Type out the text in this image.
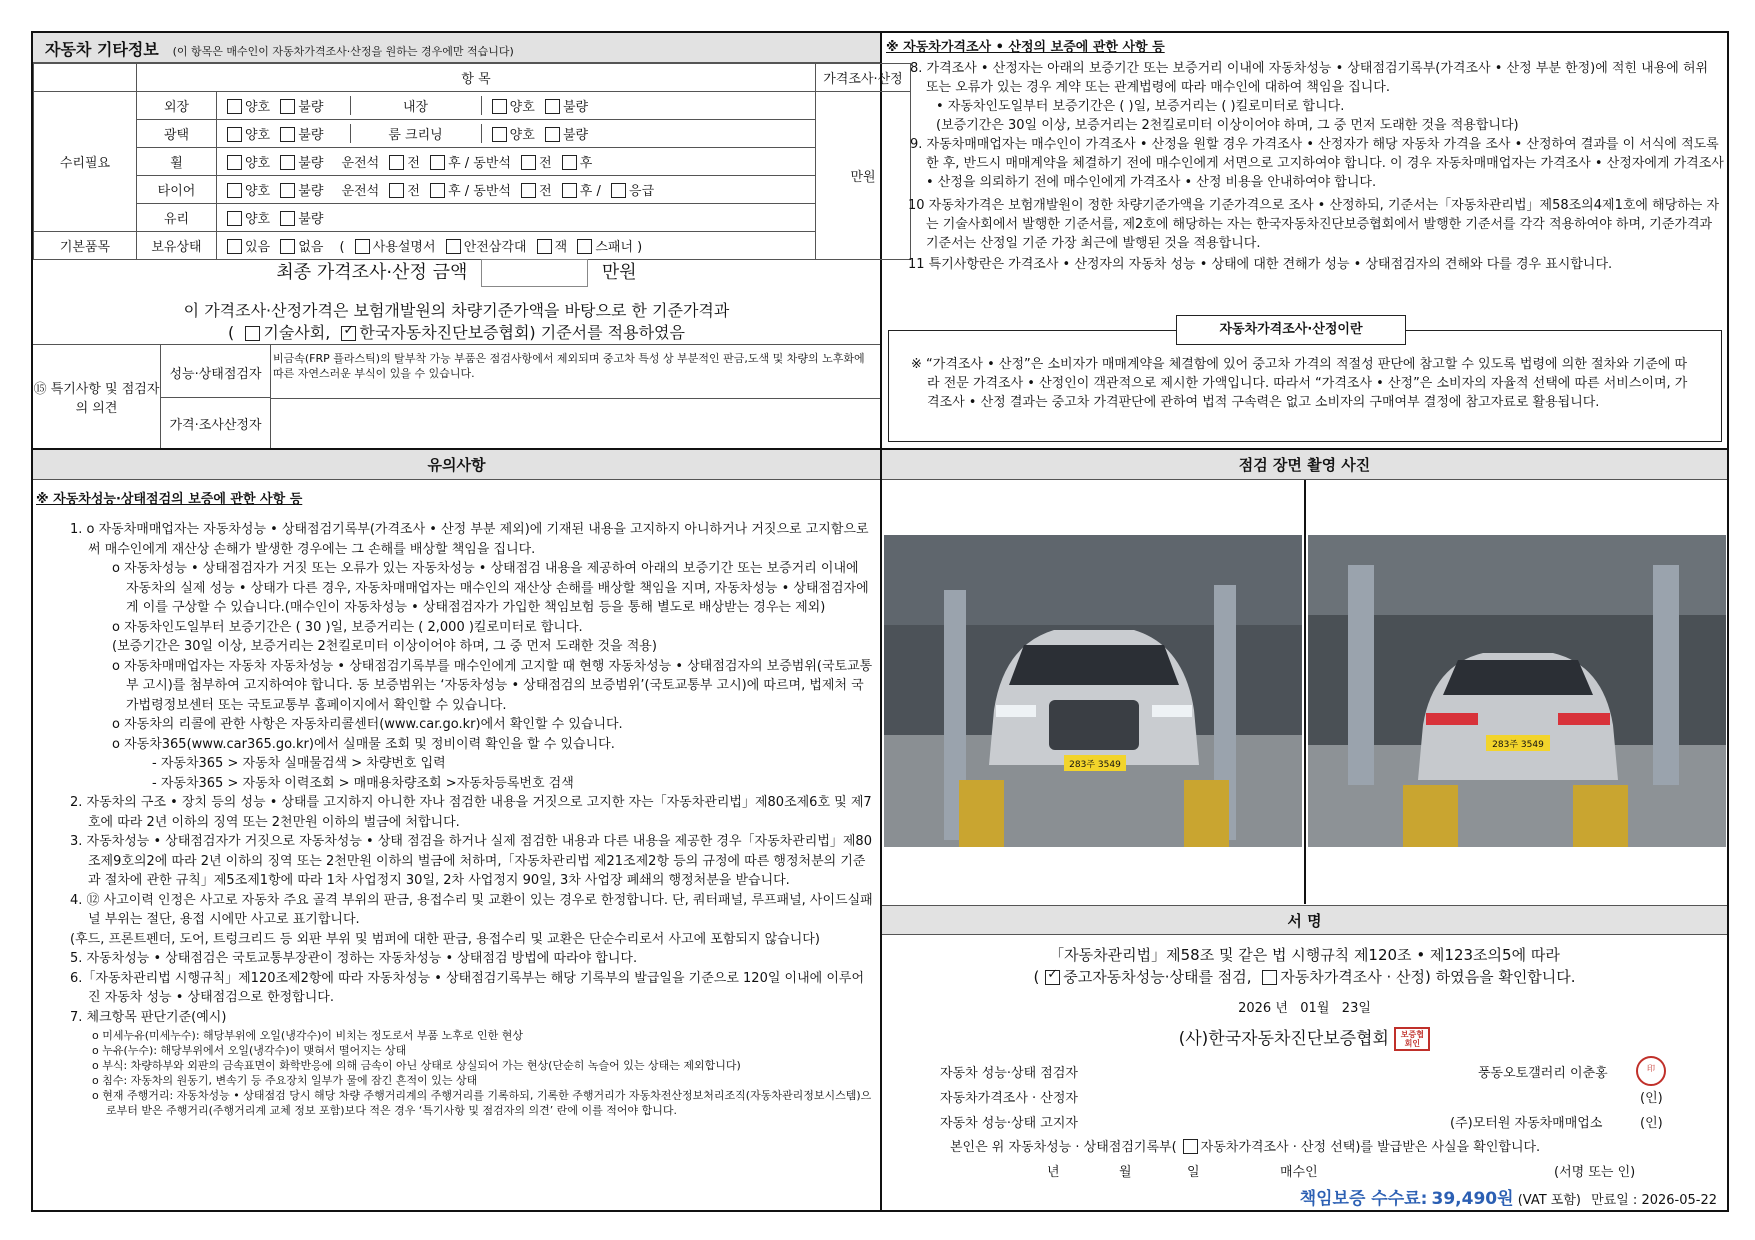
자동차 기타정보 (이 항목은 매수인이 자동차가격조사·산정을 원하는 경우에만 적습니다)
	항 목		가격조사·산정
수리필요	외장	양호 불량 내장 양호 불량	만원
	광택	양호 불량 룸 크리닝 양호 불량	
	휠	양호 불량 운전석 전 후 / 동반석 전 후	
	타이어	양호 불량 운전석 전 후 / 동반석 전 후 / 응급	
	유리	양호 불량	
기본품목	보유상태	있음 없음 ( 사용설명서 안전삼각대 잭 스패너 )	
최종 가격조사·산정 금액	만원
이 가격조사·산정가격은 보험개발원의 차량기준가액을 바탕으로 한 기준가격과
( 기술사회, ✓ 한국자동차진단보증협회) 기준서를 적용하였음
⑮ 특기사항 및 점검자의 의견
성능·상태점검자
비금속(FRP 플라스틱)의 탈부착 가능 부품은 점검사항에서 제외되며 중고차 특성 상 부분적인 판금,도색 및 차량의 노후화에 따른 자연스러운 부식이 있을 수 있습니다.
가격·조사산정자
※ 자동차가격조사 • 산정의 보증에 관한 사항 등
8. 가격조사 • 산정자는 아래의 보증기간 또는 보증거리 이내에 자동차성능 • 상태점검기록부(가격조사 • 산정 부분 한정)에 적힌 내용에 허위 또는 오류가 있는 경우 계약 또는 관계법령에 따라 매수인에 대하여 책임을 집니다.
• 자동차인도일부터 보증기간은 ( )일, 보증거리는 ( )킬로미터로 합니다.
(보증기간은 30일 이상, 보증거리는 2천킬로미터 이상이어야 하며, 그 중 먼저 도래한 것을 적용합니다)
9. 자동차매매업자는 매수인이 가격조사 • 산정을 원할 경우 가격조사 • 산정자가 해당 자동차 가격을 조사 • 산정하여 결과를 이 서식에 적도록 한 후, 반드시 매매계약을 체결하기 전에 매수인에게 서면으로 고지하여야 합니다. 이 경우 자동차매매업자는 가격조사 • 산정자에게 가격조사 • 산정을 의뢰하기 전에 매수인에게 가격조사 • 산정 비용을 안내하여야 합니다.
10 자동차가격은 보험개발원이 정한 차량기준가액을 기준가격으로 조사 • 산정하되, 기준서는「자동차관리법」제58조의4제1호에 해당하는 자는 기술사회에서 발행한 기준서를, 제2호에 해당하는 자는 한국자동차진단보증협회에서 발행한 기준서를 각각 적용하여야 하며, 기준가격과 기준서는 산정일 기준 가장 최근에 발행된 것을 적용합니다.
11 특기사항란은 가격조사 • 산정자의 자동차 성능 • 상태에 대한 견해가 성능 • 상태점검자의 견해와 다를 경우 표시합니다.
자동차가격조사·산정이란
※ “가격조사 • 산정”은 소비자가 매매계약을 체결함에 있어 중고차 가격의 적절성 판단에 참고할 수 있도록 법령에 의한 절차와 기준에 따라 전문 가격조사 • 산정인이 객관적으로 제시한 가액입니다. 따라서 “가격조사 • 산정”은 소비자의 자율적 선택에 따른 서비스이며, 가격조사 • 산정 결과는 중고차 가격판단에 관하여 법적 구속력은 없고 소비자의 구매여부 결정에 참고자료로 활용됩니다.
유의사항
※ 자동차성능·상태점검의 보증에 관한 사항 등
1. o 자동차매매업자는 자동차성능 • 상태점검기록부(가격조사 • 산정 부분 제외)에 기재된 내용을 고지하지 아니하거나 거짓으로 고지함으로써 매수인에게 재산상 손해가 발생한 경우에는 그 손해를 배상할 책임을 집니다.
o 자동차성능 • 상태점검자가 거짓 또는 오류가 있는 자동차성능 • 상태점검 내용을 제공하여 아래의 보증기간 또는 보증거리 이내에 자동차의 실제 성능 • 상태가 다른 경우, 자동차매매업자는 매수인의 재산상 손해를 배상할 책임을 지며, 자동차성능 • 상태점검자에게 이를 구상할 수 있습니다.(매수인이 자동차성능 • 상태점검자가 가입한 책임보험 등을 통해 별도로 배상받는 경우는 제외)
o 자동차인도일부터 보증기간은 ( 30 )일, 보증거리는 ( 2,000 )킬로미터로 합니다.
(보증기간은 30일 이상, 보증거리는 2천킬로미터 이상이어야 하며, 그 중 먼저 도래한 것을 적용)
o 자동차매매업자는 자동차 자동차성능 • 상태점검기록부를 매수인에게 고지할 때 현행 자동차성능 • 상태점검자의 보증범위(국토교통부 고시)를 첨부하여 고지하여야 합니다. 동 보증범위는 ‘자동차성능 • 상태점검의 보증범위’(국토교통부 고시)에 따르며, 법제처 국가법령정보센터 또는 국토교통부 홈페이지에서 확인할 수 있습니다.
o 자동차의 리콜에 관한 사항은 자동차리콜센터(www.car.go.kr)에서 확인할 수 있습니다.
o 자동차365(www.car365.go.kr)에서 실매물 조회 및 정비이력 확인을 할 수 있습니다.
- 자동차365 > 자동차 실매물검색 > 차량번호 입력
- 자동차365 > 자동차 이력조회 > 매매용차량조회 >자동차등록번호 검색
2. 자동차의 구조 • 장치 등의 성능 • 상태를 고지하지 아니한 자나 점검한 내용을 거짓으로 고지한 자는「자동차관리법」제80조제6호 및 제7호에 따라 2년 이하의 징역 또는 2천만원 이하의 벌금에 처합니다.
3. 자동차성능 • 상태점검자가 거짓으로 자동차성능 • 상태 점검을 하거나 실제 점검한 내용과 다른 내용을 제공한 경우「자동차관리법」제80조제9호의2에 따라 2년 이하의 징역 또는 2천만원 이하의 벌금에 처하며,「자동차관리법 제21조제2항 등의 규정에 따른 행정처분의 기준과 절차에 관한 규칙」제5조제1항에 따라 1차 사업정지 30일, 2차 사업정지 90일, 3차 사업장 폐쇄의 행정처분을 받습니다.
4. ⑫ 사고이력 인정은 사고로 자동차 주요 골격 부위의 판금, 용접수리 및 교환이 있는 경우로 한정합니다. 단, 쿼터패널, 루프패널, 사이드실패널 부위는 절단, 용접 시에만 사고로 표기합니다.
(후드, 프론트펜더, 도어, 트렁크리드 등 외판 부위 및 범퍼에 대한 판금, 용접수리 및 교환은 단순수리로서 사고에 포함되지 않습니다)
5. 자동차성능 • 상태점검은 국토교통부장관이 정하는 자동차성능 • 상태점검 방법에 따라야 합니다.
6.「자동차관리법 시행규칙」제120조제2항에 따라 자동차성능 • 상태점검기록부는 해당 기록부의 발급일을 기준으로 120일 이내에 이루어진 자동차 성능 • 상태점검으로 한정합니다.
7. 체크항목 판단기준(예시)
o 미세누유(미세누수): 해당부위에 오일(냉각수)이 비치는 정도로서 부품 노후로 인한 현상
o 누유(누수): 해당부위에서 오일(냉각수)이 맺혀서 떨어지는 상태
o 부식: 차량하부와 외판의 금속표면이 화학반응에 의해 금속이 아닌 상태로 상실되어 가는 현상(단순히 녹슬어 있는 상태는 제외합니다)
o 침수: 자동차의 원동기, 변속기 등 주요장치 일부가 물에 잠긴 흔적이 있는 상태
o 현재 주행거리: 자동차성능 • 상태점검 당시 해당 차량 주행거리계의 주행거리를 기록하되, 기록한 주행거리가 자동차전산정보처리조직(자동차관리정보시스템)으로부터 받은 주행거리(주행거리계 교체 정보 포함)보다 적은 경우 ‘특기사항 및 점검자의 의견’ 란에 이를 적어야 합니다.
점검 장면 촬영 사진
283주 3549
283주 3549
서 명
「자동차관리법」제58조 및 같은 법 시행규칙 제120조 • 제123조의5에 따라
( ✓ 중고자동차성능·상태를 점검, 자동차가격조사 · 산정) 하였음을 확인합니다.
2026 년 01월 23일
(사)한국자동차진단보증협회 보증협회인
자동차 성능·상태 점검자	풍동오토갤러리 이춘홍	印
자동차가격조사 · 산정자	(인)
자동차 성능·상태 고지자	(주)모터원 자동차매매업소	(인)
본인은 위 자동차성능 · 상태점검기록부( 자동차가격조사 · 산정 선택)를 발급받은 사실을 확인합니다.
년	월	일	매수인	(서명 또는 인)
책임보증 수수료: 39,490원 (VAT 포함) 만료일 : 2026-05-22
